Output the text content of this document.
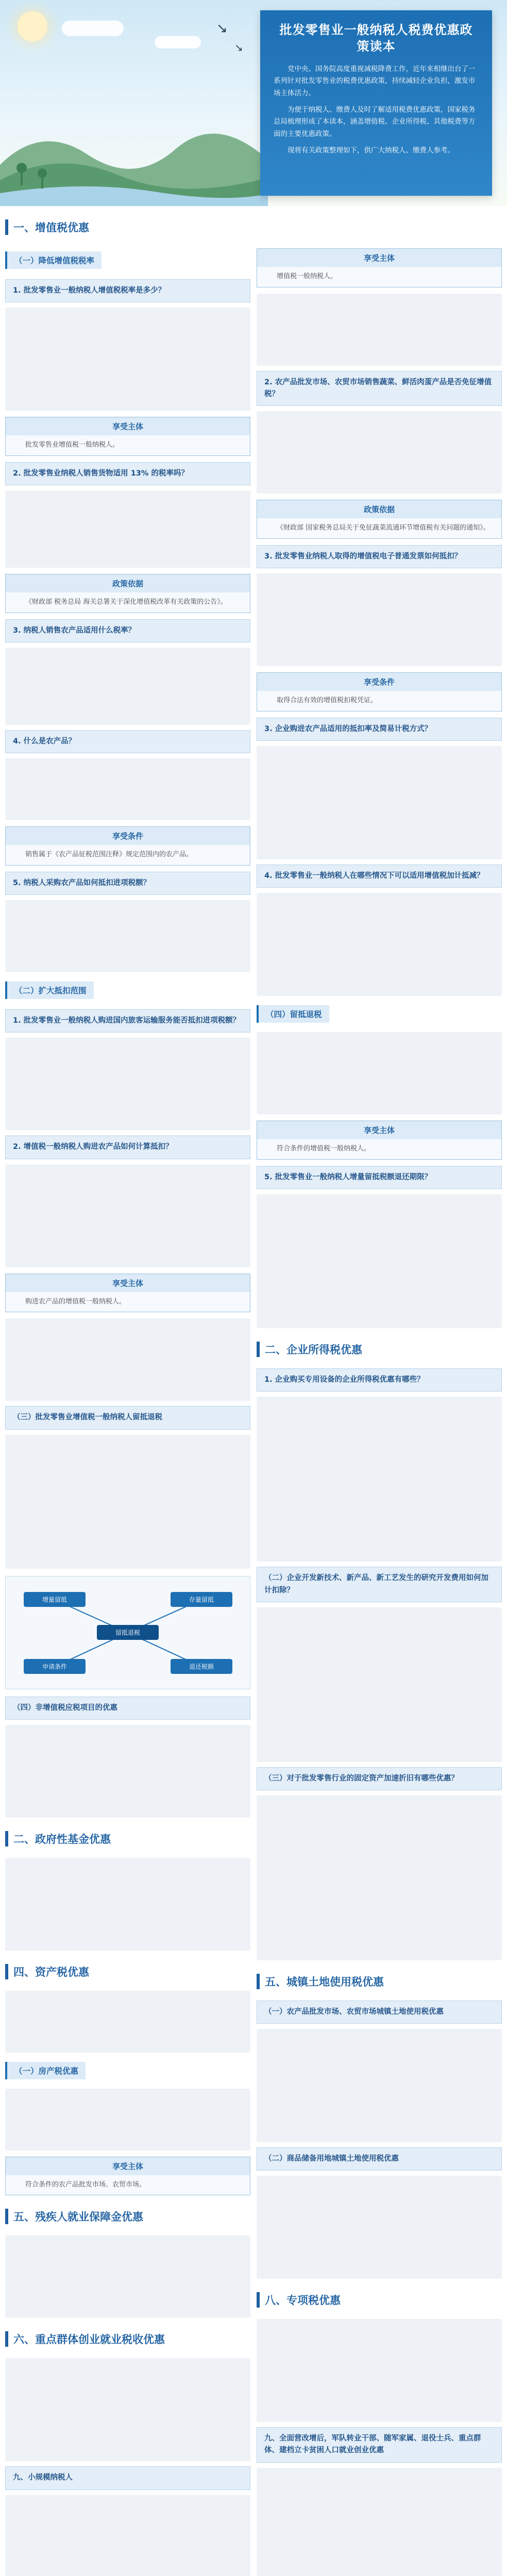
↘
↘
批发零售业一般纳税人税费优惠政策读本

党中央、国务院高度重视减税降费工作，近年来相继出台了一系列针对批发零售业的税费优惠政策，持续减轻企业负担，激发市场主体活力。

为便于纳税人、缴费人及时了解适用税费优惠政策，国家税务总局梳理形成了本读本，涵盖增值税、企业所得税、其他税费等方面的主要优惠政策。

现将有关政策整理如下，供广大纳税人、缴费人参考。

一、增值税优惠
（一）降低增值税税率
1. 批发零售业一般纳税人增值税税率是多少？
享受主体
批发零售业增值税一般纳税人。
2. 批发零售业纳税人销售货物适用 13% 的税率吗？
政策依据
《财政部 税务总局 海关总署关于深化增值税改革有关政策的公告》。
3. 纳税人销售农产品适用什么税率？
4. 什么是农产品？
享受条件
销售属于《农产品征税范围注释》规定范围内的农产品。
5. 纳税人采购农产品如何抵扣进项税额？
（二）扩大抵扣范围
1. 批发零售业一般纳税人购进国内旅客运输服务能否抵扣进项税额？
2. 增值税一般纳税人购进农产品如何计算抵扣？
享受主体
购进农产品的增值税一般纳税人。
（三）批发零售业增值税一般纳税人留抵退税
留抵退税
增量留抵	存量留抵
申请条件	退还税额
（四）非增值税应税项目的优惠
二、政府性基金优惠
四、资产税优惠
（一）房产税优惠
享受主体
符合条件的农产品批发市场、农贸市场。
五、残疾人就业保障金优惠
六、重点群体创业就业税收优惠
九、小规模纳税人
享受主体
增值税一般纳税人。
2. 农产品批发市场、农贸市场销售蔬菜、鲜活肉蛋产品是否免征增值税？
政策依据
《财政部 国家税务总局关于免征蔬菜流通环节增值税有关问题的通知》。
3. 批发零售业纳税人取得的增值税电子普通发票如何抵扣？
享受条件
取得合法有效的增值税扣税凭证。
3. 企业购进农产品适用的抵扣率及简易计税方式？
4. 批发零售业一般纳税人在哪些情况下可以适用增值税加计抵减？
（四）留抵退税
享受主体
符合条件的增值税一般纳税人。
5. 批发零售业一般纳税人增量留抵税额退还期限？
二、企业所得税优惠
1. 企业购买专用设备的企业所得税优惠有哪些？
（二）企业开发新技术、新产品、新工艺发生的研究开发费用如何加计扣除？
（三）对于批发零售行业的固定资产加速折旧有哪些优惠？
五、城镇土地使用税优惠
（一）农产品批发市场、农贸市场城镇土地使用税优惠
（二）商品储备用地城镇土地使用税优惠
八、专项税优惠
九、全面营改增后，军队转业干部、随军家属、退役士兵、重点群体、建档立卡贫困人口就业创业优惠
